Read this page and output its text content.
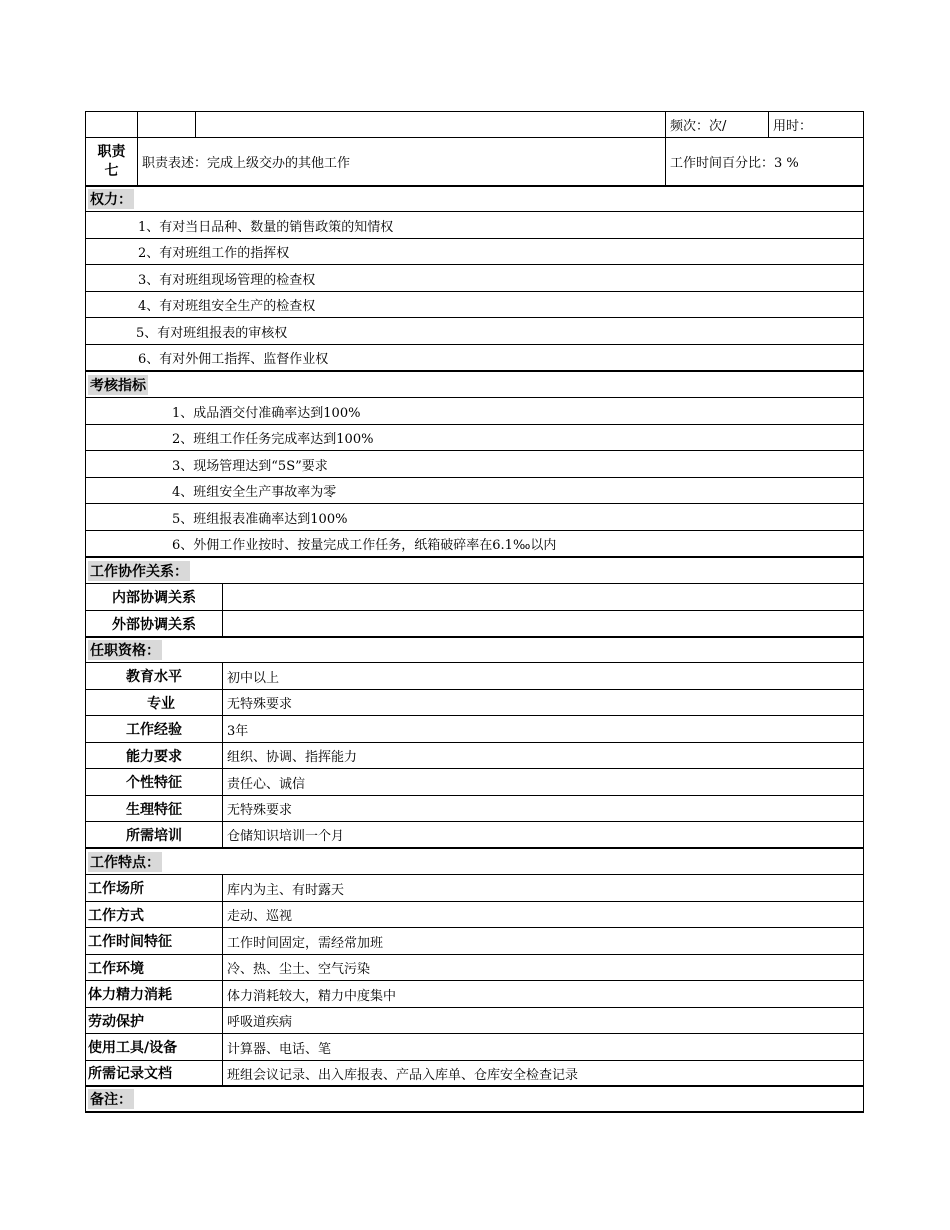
频次：次/	用时：
职责
七	职责表述：完成上级交办的其他工作	工作时间百分比：3 %
权力：
1、有对当日品种、数量的销售政策的知情权
2、有对班组工作的指挥权
3、有对班组现场管理的检查权
4、有对班组安全生产的检查权
5、有对班组报表的审核权
6、有对外佣工指挥、监督作业权
考核指标
1、成品酒交付准确率达到100%
2、班组工作任务完成率达到100%
3、现场管理达到“5S”要求
4、班组安全生产事故率为零
5、班组报表准确率达到100%
6、外佣工作业按时、按量完成工作任务，纸箱破碎率在6.1‰以内
工作协作关系：
内部协调关系
外部协调关系
任职资格：
教育水平	初中以上
专业	无特殊要求
工作经验	3年
能力要求	组织、协调、指挥能力
个性特征	责任心、诚信
生理特征	无特殊要求
所需培训	仓储知识培训一个月
工作特点：
工作场所	库内为主、有时露天
工作方式	走动、巡视
工作时间特征	工作时间固定，需经常加班
工作环境	冷、热、尘土、空气污染
体力精力消耗	体力消耗较大，精力中度集中
劳动保护	呼吸道疾病
使用工具/设备	计算器、电话、笔
所需记录文档	班组会议记录、出入库报表、产品入库单、仓库安全检查记录
备注：
